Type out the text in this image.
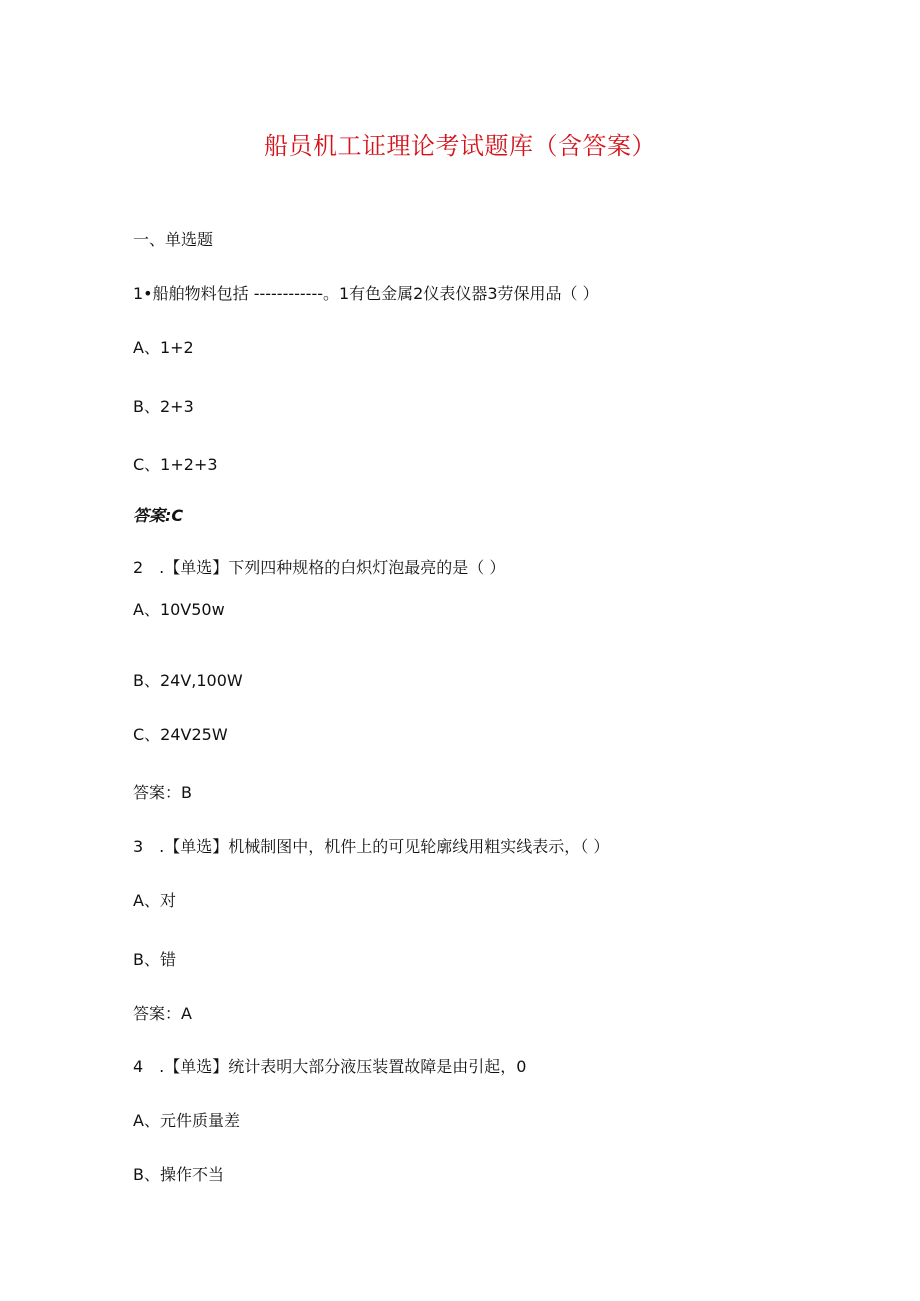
船员机工证理论考试题库（含答案）
一、单选题
1•船舶物料包括 ------------。1有色金属2仪表仪器3劳保用品（ ）
A、1+2
B、2+3
C、1+2+3
答案:C
2　.【单选】下列四种规格的白炽灯泡最亮的是（ ）
A、10V50w
B、24V,100W
C、24V25W
答案：B
3　.【单选】机械制图中，机件上的可见轮廓线用粗实线表示，（ ）
A、对
B、错
答案：A
4　.【单选】统计表明大部分液压装置故障是由引起，0
A、元件质量差
B、操作不当
